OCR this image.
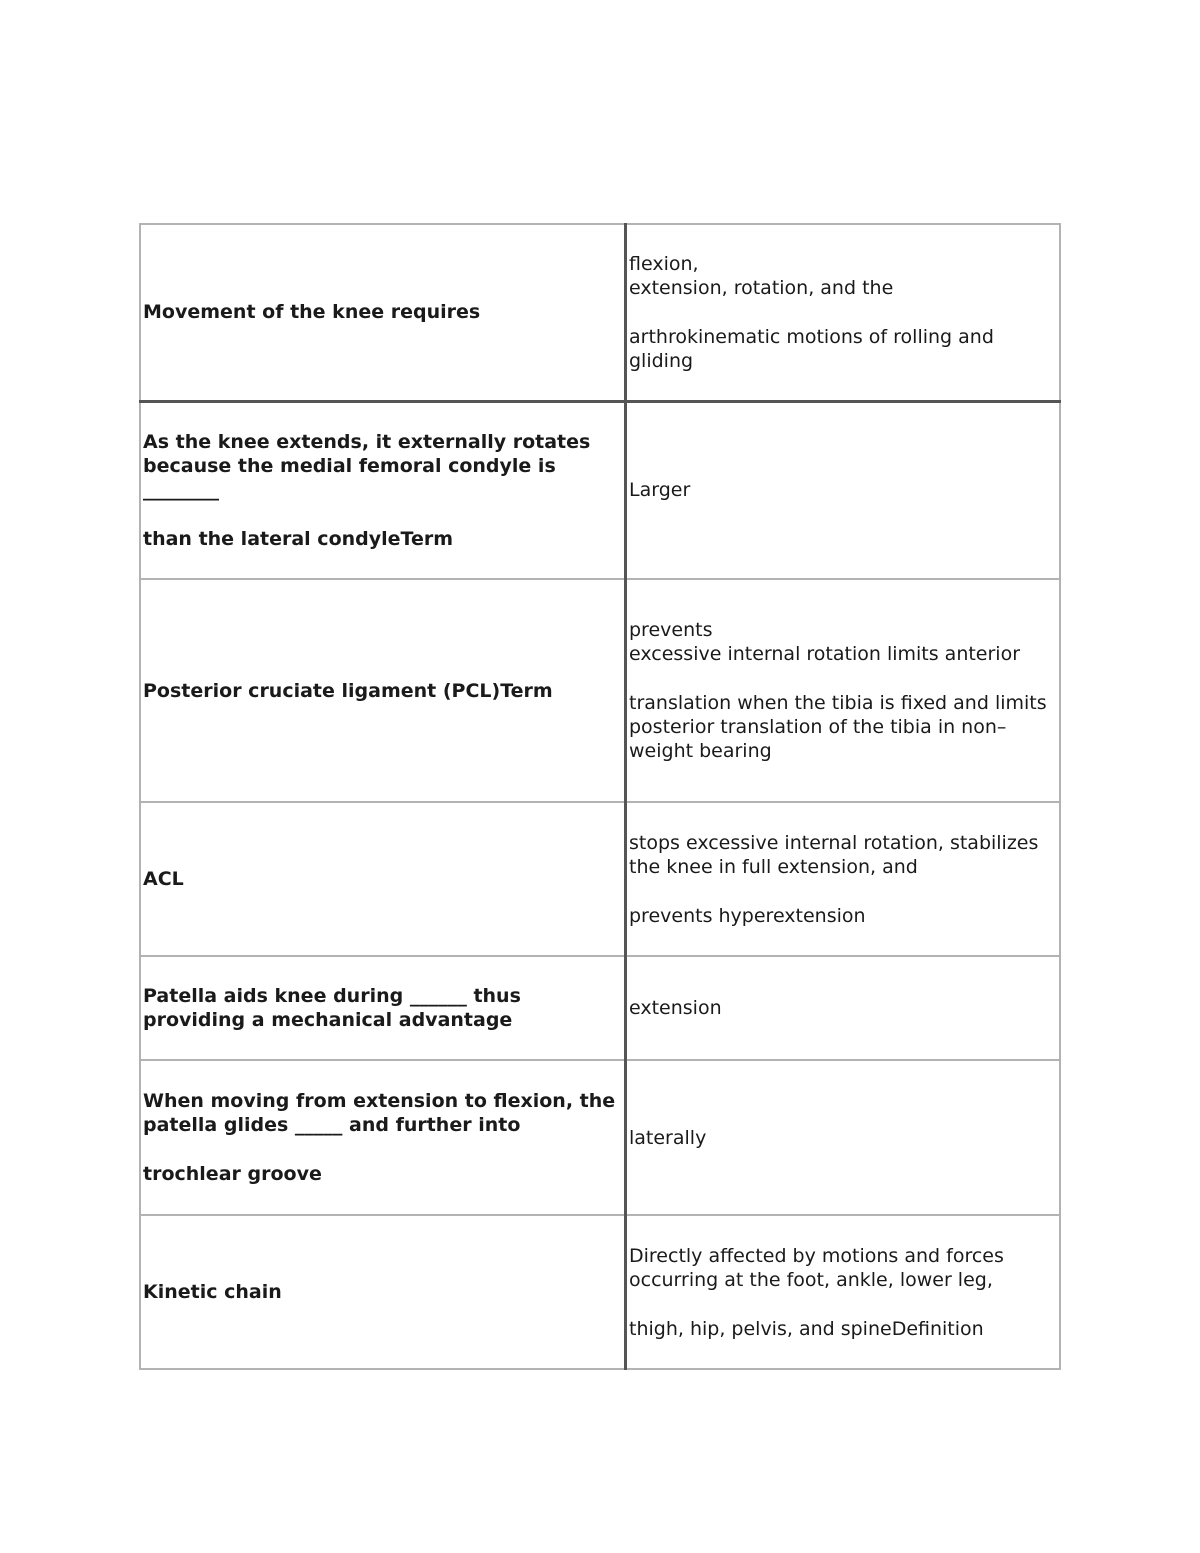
Movement of the knee requires	flexion,
extension, rotation, and the
arthrokinematic motions of rolling and gliding

As the knee extends, it externally rotates because the medial femoral condyle is ________
than the lateral condyleTerm	Larger

Posterior cruciate ligament (PCL)Term	prevents
excessive internal rotation limits anterior
translation when the tibia is fixed and limits
posterior translation of the tibia in non–weight bearing

ACL	stops excessive internal rotation, stabilizes the knee in full extension, and
prevents hyperextension

Patella aids knee during ______ thus providing a mechanical advantage	extension

When moving from extension to flexion, the patella glides _____ and further into
trochlear groove	laterally

Kinetic chain	Directly affected by motions and forces occurring at the foot, ankle, lower leg,
thigh, hip, pelvis, and spineDefinition
